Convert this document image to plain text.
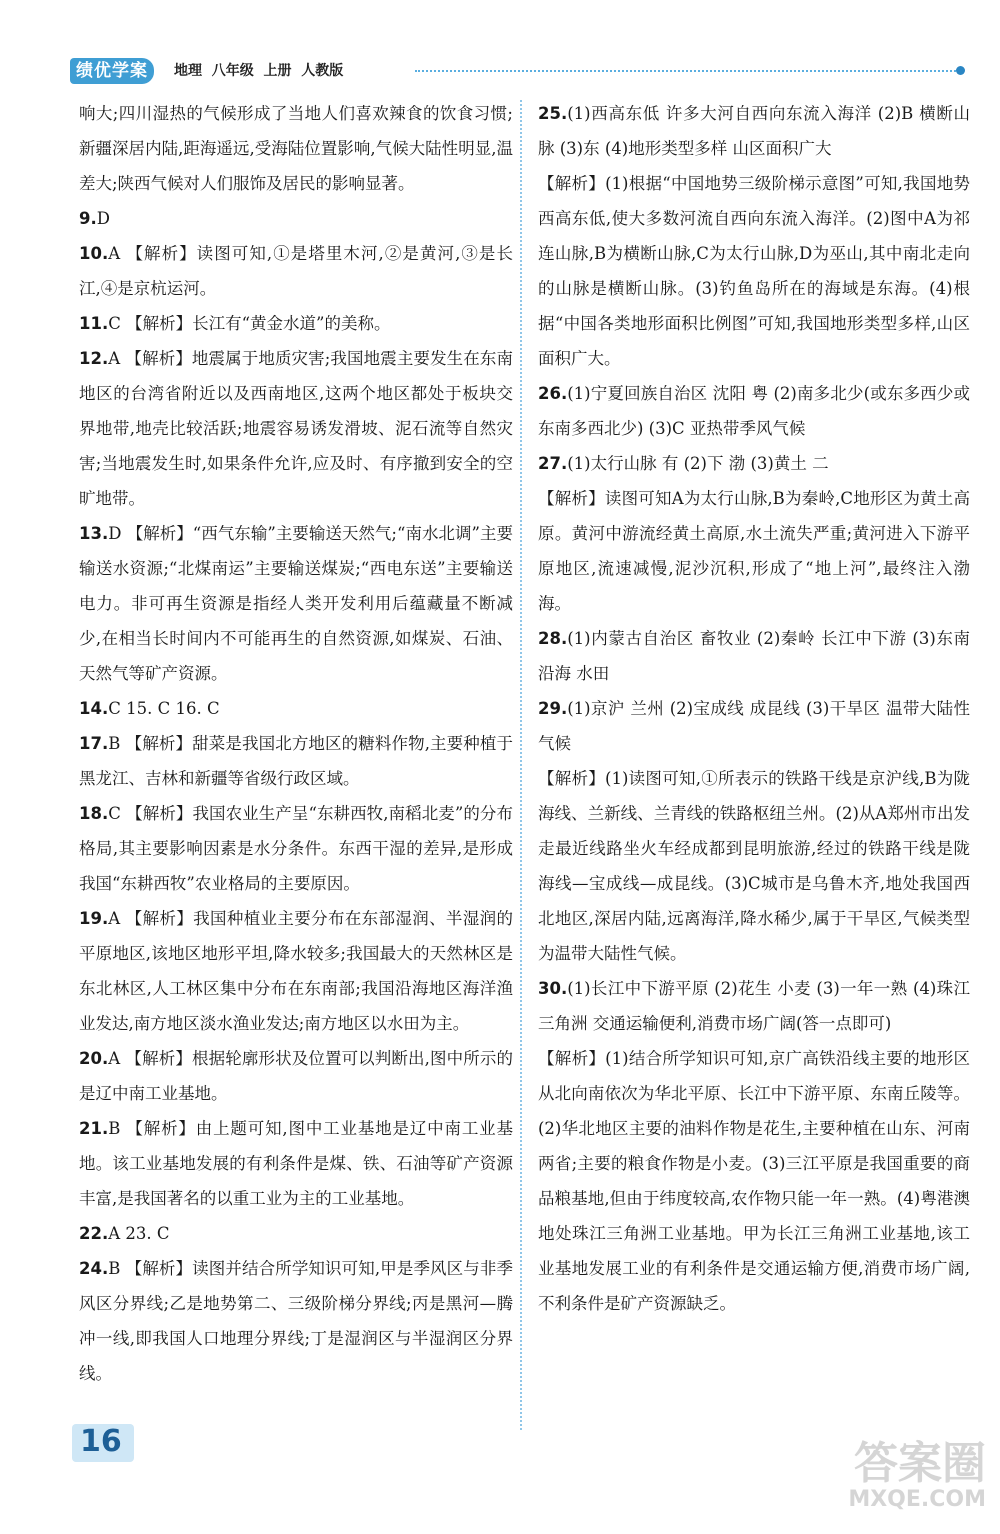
绩优学案	地理  八年级  上册  人教版

响大;四川湿热的气候形成了当地人们喜欢辣食的饮食习惯;新疆深居内陆,距海遥远,受海陆位置影响,气候大陆性明显,温差大;陕西气候对人们服饰及居民的影响显著。

9.D

10.A 【解析】读图可知,①是塔里木河,②是黄河,③是长江,④是京杭运河。

11.C 【解析】长江有“黄金水道”的美称。

12.A 【解析】地震属于地质灾害;我国地震主要发生在东南地区的台湾省附近以及西南地区,这两个地区都处于板块交界地带,地壳比较活跃;地震容易诱发滑坡、泥石流等自然灾害;当地震发生时,如果条件允许,应及时、有序撤到安全的空旷地带。

13.D 【解析】“西气东输”主要输送天然气;“南水北调”主要输送水资源;“北煤南运”主要输送煤炭;“西电东送”主要输送电力。非可再生资源是指经人类开发利用后蕴藏量不断减少,在相当长时间内不可能再生的自然资源,如煤炭、石油、天然气等矿产资源。

14.C 15. C 16. C

17.B 【解析】甜菜是我国北方地区的糖料作物,主要种植于黑龙江、吉林和新疆等省级行政区域。

18.C 【解析】我国农业生产呈“东耕西牧,南稻北麦”的分布格局,其主要影响因素是水分条件。东西干湿的差异,是形成我国“东耕西牧”农业格局的主要原因。

19.A 【解析】我国种植业主要分布在东部湿润、半湿润的平原地区,该地区地形平坦,降水较多;我国最大的天然林区是东北林区,人工林区集中分布在东南部;我国沿海地区海洋渔业发达,南方地区淡水渔业发达;南方地区以水田为主。

20.A 【解析】根据轮廓形状及位置可以判断出,图中所示的是辽中南工业基地。

21.B 【解析】由上题可知,图中工业基地是辽中南工业基地。该工业基地发展的有利条件是煤、铁、石油等矿产资源丰富,是我国著名的以重工业为主的工业基地。

22.A 23. C

24.B 【解析】读图并结合所学知识可知,甲是季风区与非季风区分界线;乙是地势第二、三级阶梯分界线;丙是黑河—腾冲一线,即我国人口地理分界线;丁是湿润区与半湿润区分界线。

25.(1)西高东低 许多大河自西向东流入海洋 (2)B 横断山脉 (3)东 (4)地形类型多样 山区面积广大

【解析】(1)根据“中国地势三级阶梯示意图”可知,我国地势西高东低,使大多数河流自西向东流入海洋。(2)图中A为祁连山脉,B为横断山脉,C为太行山脉,D为巫山,其中南北走向的山脉是横断山脉。(3)钓鱼岛所在的海域是东海。(4)根据“中国各类地形面积比例图”可知,我国地形类型多样,山区面积广大。

26.(1)宁夏回族自治区 沈阳 粤 (2)南多北少(或东多西少或东南多西北少) (3)C 亚热带季风气候

27.(1)太行山脉 有 (2)下 渤 (3)黄土 二

【解析】读图可知A为太行山脉,B为秦岭,C地形区为黄土高原。黄河中游流经黄土高原,水土流失严重;黄河进入下游平原地区,流速减慢,泥沙沉积,形成了“地上河”,最终注入渤海。

28.(1)内蒙古自治区 畜牧业 (2)秦岭 长江中下游 (3)东南沿海 水田

29.(1)京沪 兰州 (2)宝成线 成昆线 (3)干旱区 温带大陆性气候

【解析】(1)读图可知,①所表示的铁路干线是京沪线,B为陇海线、兰新线、兰青线的铁路枢纽兰州。(2)从A郑州市出发走最近线路坐火车经成都到昆明旅游,经过的铁路干线是陇海线—宝成线—成昆线。(3)C城市是乌鲁木齐,地处我国西北地区,深居内陆,远离海洋,降水稀少,属于干旱区,气候类型为温带大陆性气候。

30.(1)长江中下游平原 (2)花生 小麦 (3)一年一熟 (4)珠江三角洲 交通运输便利,消费市场广阔(答一点即可)

【解析】(1)结合所学知识可知,京广高铁沿线主要的地形区从北向南依次为华北平原、长江中下游平原、东南丘陵等。(2)华北地区主要的油料作物是花生,主要种植在山东、河南两省;主要的粮食作物是小麦。(3)三江平原是我国重要的商品粮基地,但由于纬度较高,农作物只能一年一熟。(4)粤港澳地处珠江三角洲工业基地。甲为长江三角洲工业基地,该工业基地发展工业的有利条件是交通运输方便,消费市场广阔,不利条件是矿产资源缺乏。

16	答案圈
MXQE.COM
